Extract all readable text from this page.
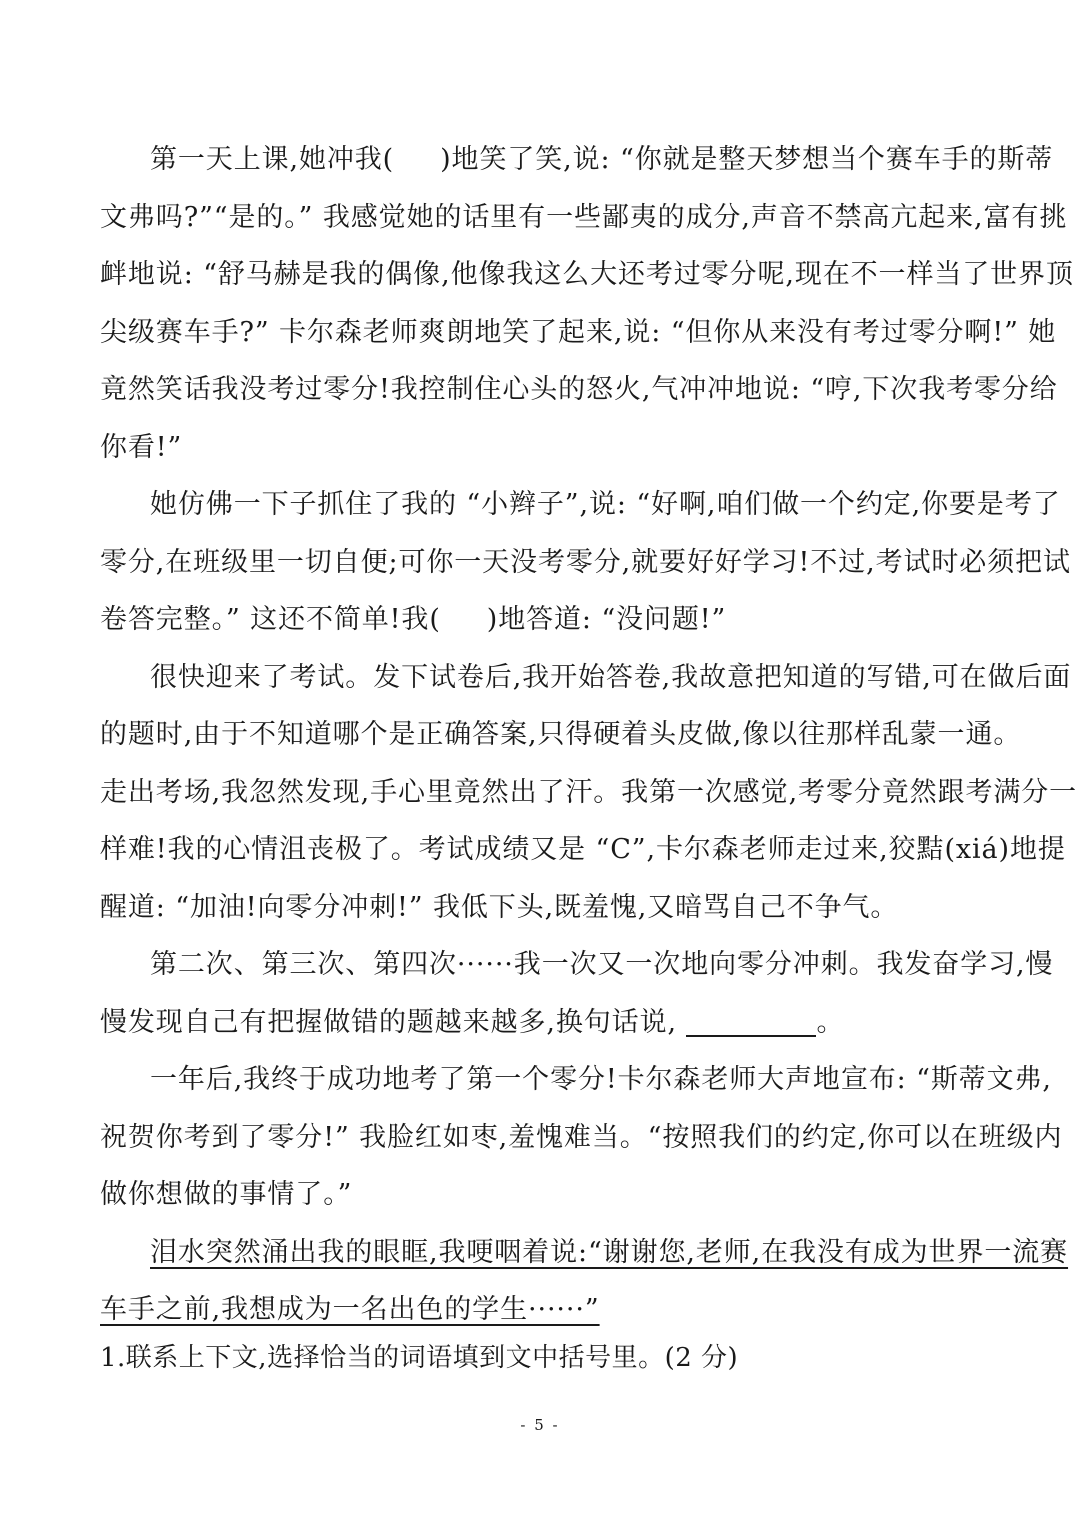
第一天上课,她冲我( )地笑了笑,说: “你就是整天梦想当个赛车手的斯蒂
文弗吗?”“是的。” 我感觉她的话里有一些鄙夷的成分,声音不禁高亢起来,富有挑
衅地说: “舒马赫是我的偶像,他像我这么大还考过零分呢,现在不一样当了世界顶
尖级赛车手?” 卡尔森老师爽朗地笑了起来,说: “但你从来没有考过零分啊!” 她
竟然笑话我没考过零分!我控制住心头的怒火,气冲冲地说: “哼,下次我考零分给
你看!”
她仿佛一下子抓住了我的 “小辫子”,说: “好啊,咱们做一个约定,你要是考了
零分,在班级里一切自便;可你一天没考零分,就要好好学习!不过,考试时必须把试
卷答完整。” 这还不简单!我( )地答道: “没问题!”
很快迎来了考试。发下试卷后,我开始答卷,我故意把知道的写错,可在做后面
的题时,由于不知道哪个是正确答案,只得硬着头皮做,像以往那样乱蒙一通。
走出考场,我忽然发现,手心里竟然出了汗。我第一次感觉,考零分竟然跟考满分一
样难!我的心情沮丧极了。考试成绩又是 “C”,卡尔森老师走过来,狡黠(xiá)地提
醒道: “加油!向零分冲刺!” 我低下头,既羞愧,又暗骂自己不争气。
第二次、第三次、第四次······我一次又一次地向零分冲刺。我发奋学习,慢
慢发现自己有把握做错的题越来越多,换句话说,	。
一年后,我终于成功地考了第一个零分!卡尔森老师大声地宣布: “斯蒂文弗,
祝贺你考到了零分!” 我脸红如枣,羞愧难当。“按照我们的约定,你可以在班级内
做你想做的事情了。”
泪水突然涌出我的眼眶,我哽咽着说:“谢谢您,老师,在我没有成为世界一流赛
车手之前,我想成为一名出色的学生······”
1.联系上下文,选择恰当的词语填到文中括号里。(2 分)
- 5 -
